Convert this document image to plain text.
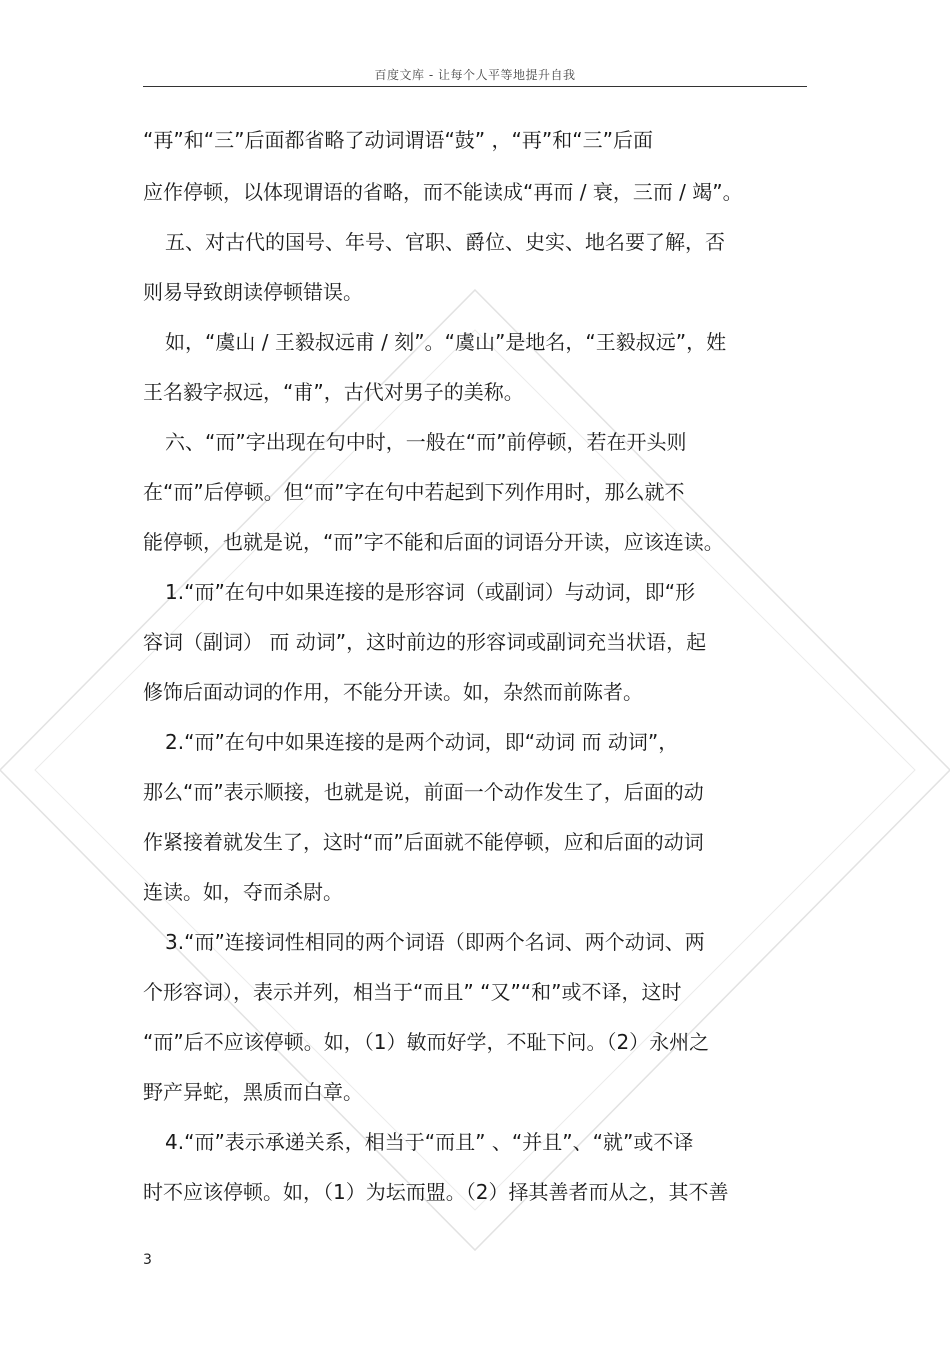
百度文库 - 让每个人平等地提升自我
“再”和“三”后面都省略了动词谓语“鼓” ，“再”和“三”后面
应作停顿，以体现谓语的省略，而不能读成“再而 / 衰，三而 / 竭”。
五、对古代的国号、年号、官职、爵位、史实、地名要了解，否
则易导致朗读停顿错误。
如，“虞山 / 王毅叔远甫 / 刻”。“虞山”是地名，“王毅叔远”，姓
王名毅字叔远，“甫”，古代对男子的美称。
六、“而”字出现在句中时，一般在“而”前停顿，若在开头则
在“而”后停顿。但“而”字在句中若起到下列作用时，那么就不
能停顿，也就是说，“而”字不能和后面的词语分开读，应该连读。
1.“而”在句中如果连接的是形容词（或副词）与动词，即“形
容词（副词） 而 动词”，这时前边的形容词或副词充当状语，起
修饰后面动词的作用，不能分开读。如，杂然而前陈者。
2.“而”在句中如果连接的是两个动词，即“动词 而 动词”，
那么“而”表示顺接，也就是说，前面一个动作发生了，后面的动
作紧接着就发生了，这时“而”后面就不能停顿，应和后面的动词
连读。如，夺而杀尉。
3.“而”连接词性相同的两个词语（即两个名词、两个动词、两
个形容词），表示并列，相当于“而且” “又”“和”或不译，这时
“而”后不应该停顿。如，（1）敏而好学，不耻下问。（2）永州之
野产异蛇，黑质而白章。
4.“而”表示承递关系，相当于“而且” 、“并且”、“就”或不译
时不应该停顿。如，（1）为坛而盟。（2）择其善者而从之，其不善
3
